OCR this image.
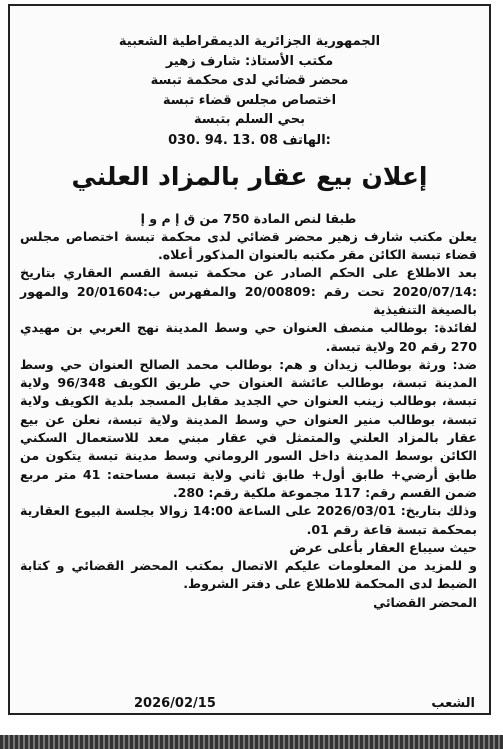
الجمهورية الجزائرية الديمقراطية الشعبية
مكتب الأستاذ: شارف زهير
محضر قضائي لدى محكمة تبسة
اختصاص مجلس قضاء تبسة
بحي السلم بتبسة
030. 94. 13. 08 الهاتف:
إعلان بيع عقار بالمزاد العلني

طبقا لنص المادة 750 من ق إ م و إ

يعلن مكتب شارف زهير محضر قضائي لدى محكمة تبسة اختصاص مجلس قضاء تبسة الكائن مقر مكتبه بالعنوان المذكور أعلاه.

بعد الاطلاع على الحكم الصادر عن محكمة تبسة القسم العقاري بتاريخ :2020/07/14 تحت رقم :20/00809 والمفهرس ب:20/01604 والمهور بالصيغة التنفيذية

لفائدة: بوطالب منصف العنوان حي وسط المدينة نهج العربي بن مهيدي 270 رقم 20 ولاية تبسة.

ضد: ورثة بوطالب زيدان و هم: بوطالب محمد الصالح العنوان حي وسط المدينة تبسة، بوطالب عائشة العنوان حي طريق الكويف 96/348 ولاية تبسة، بوطالب زينب العنوان حي الجديد مقابل المسجد بلدية الكويف ولاية تبسة، بوطالب منير العنوان حي وسط المدينة ولاية تبسة، نعلن عن بيع عقار بالمزاد العلني والمتمثل في عقار مبني معد للاستعمال السكني الكائن بوسط المدينة داخل السور الروماني وسط مدينة تبسة يتكون من طابق أرضي+ طابق أول+ طابق ثاني ولاية تبسة مساحته: 41 متر مربع ضمن القسم رقم: 117 مجموعة ملكية رقم: 280.

وذلك بتاريخ: 2026/03/01 على الساعة 14:00 زوالا بجلسة البيوع العقارية بمحكمة تبسة قاعة رقم 01.

حيث سيباع العقار بأعلى عرض

و للمزيد من المعلومات عليكم الاتصال بمكتب المحضر القضائي و كتابة الضبط لدى المحكمة للاطلاع على دفتر الشروط.

المحضر القضائي

الشعب
2026/02/15
